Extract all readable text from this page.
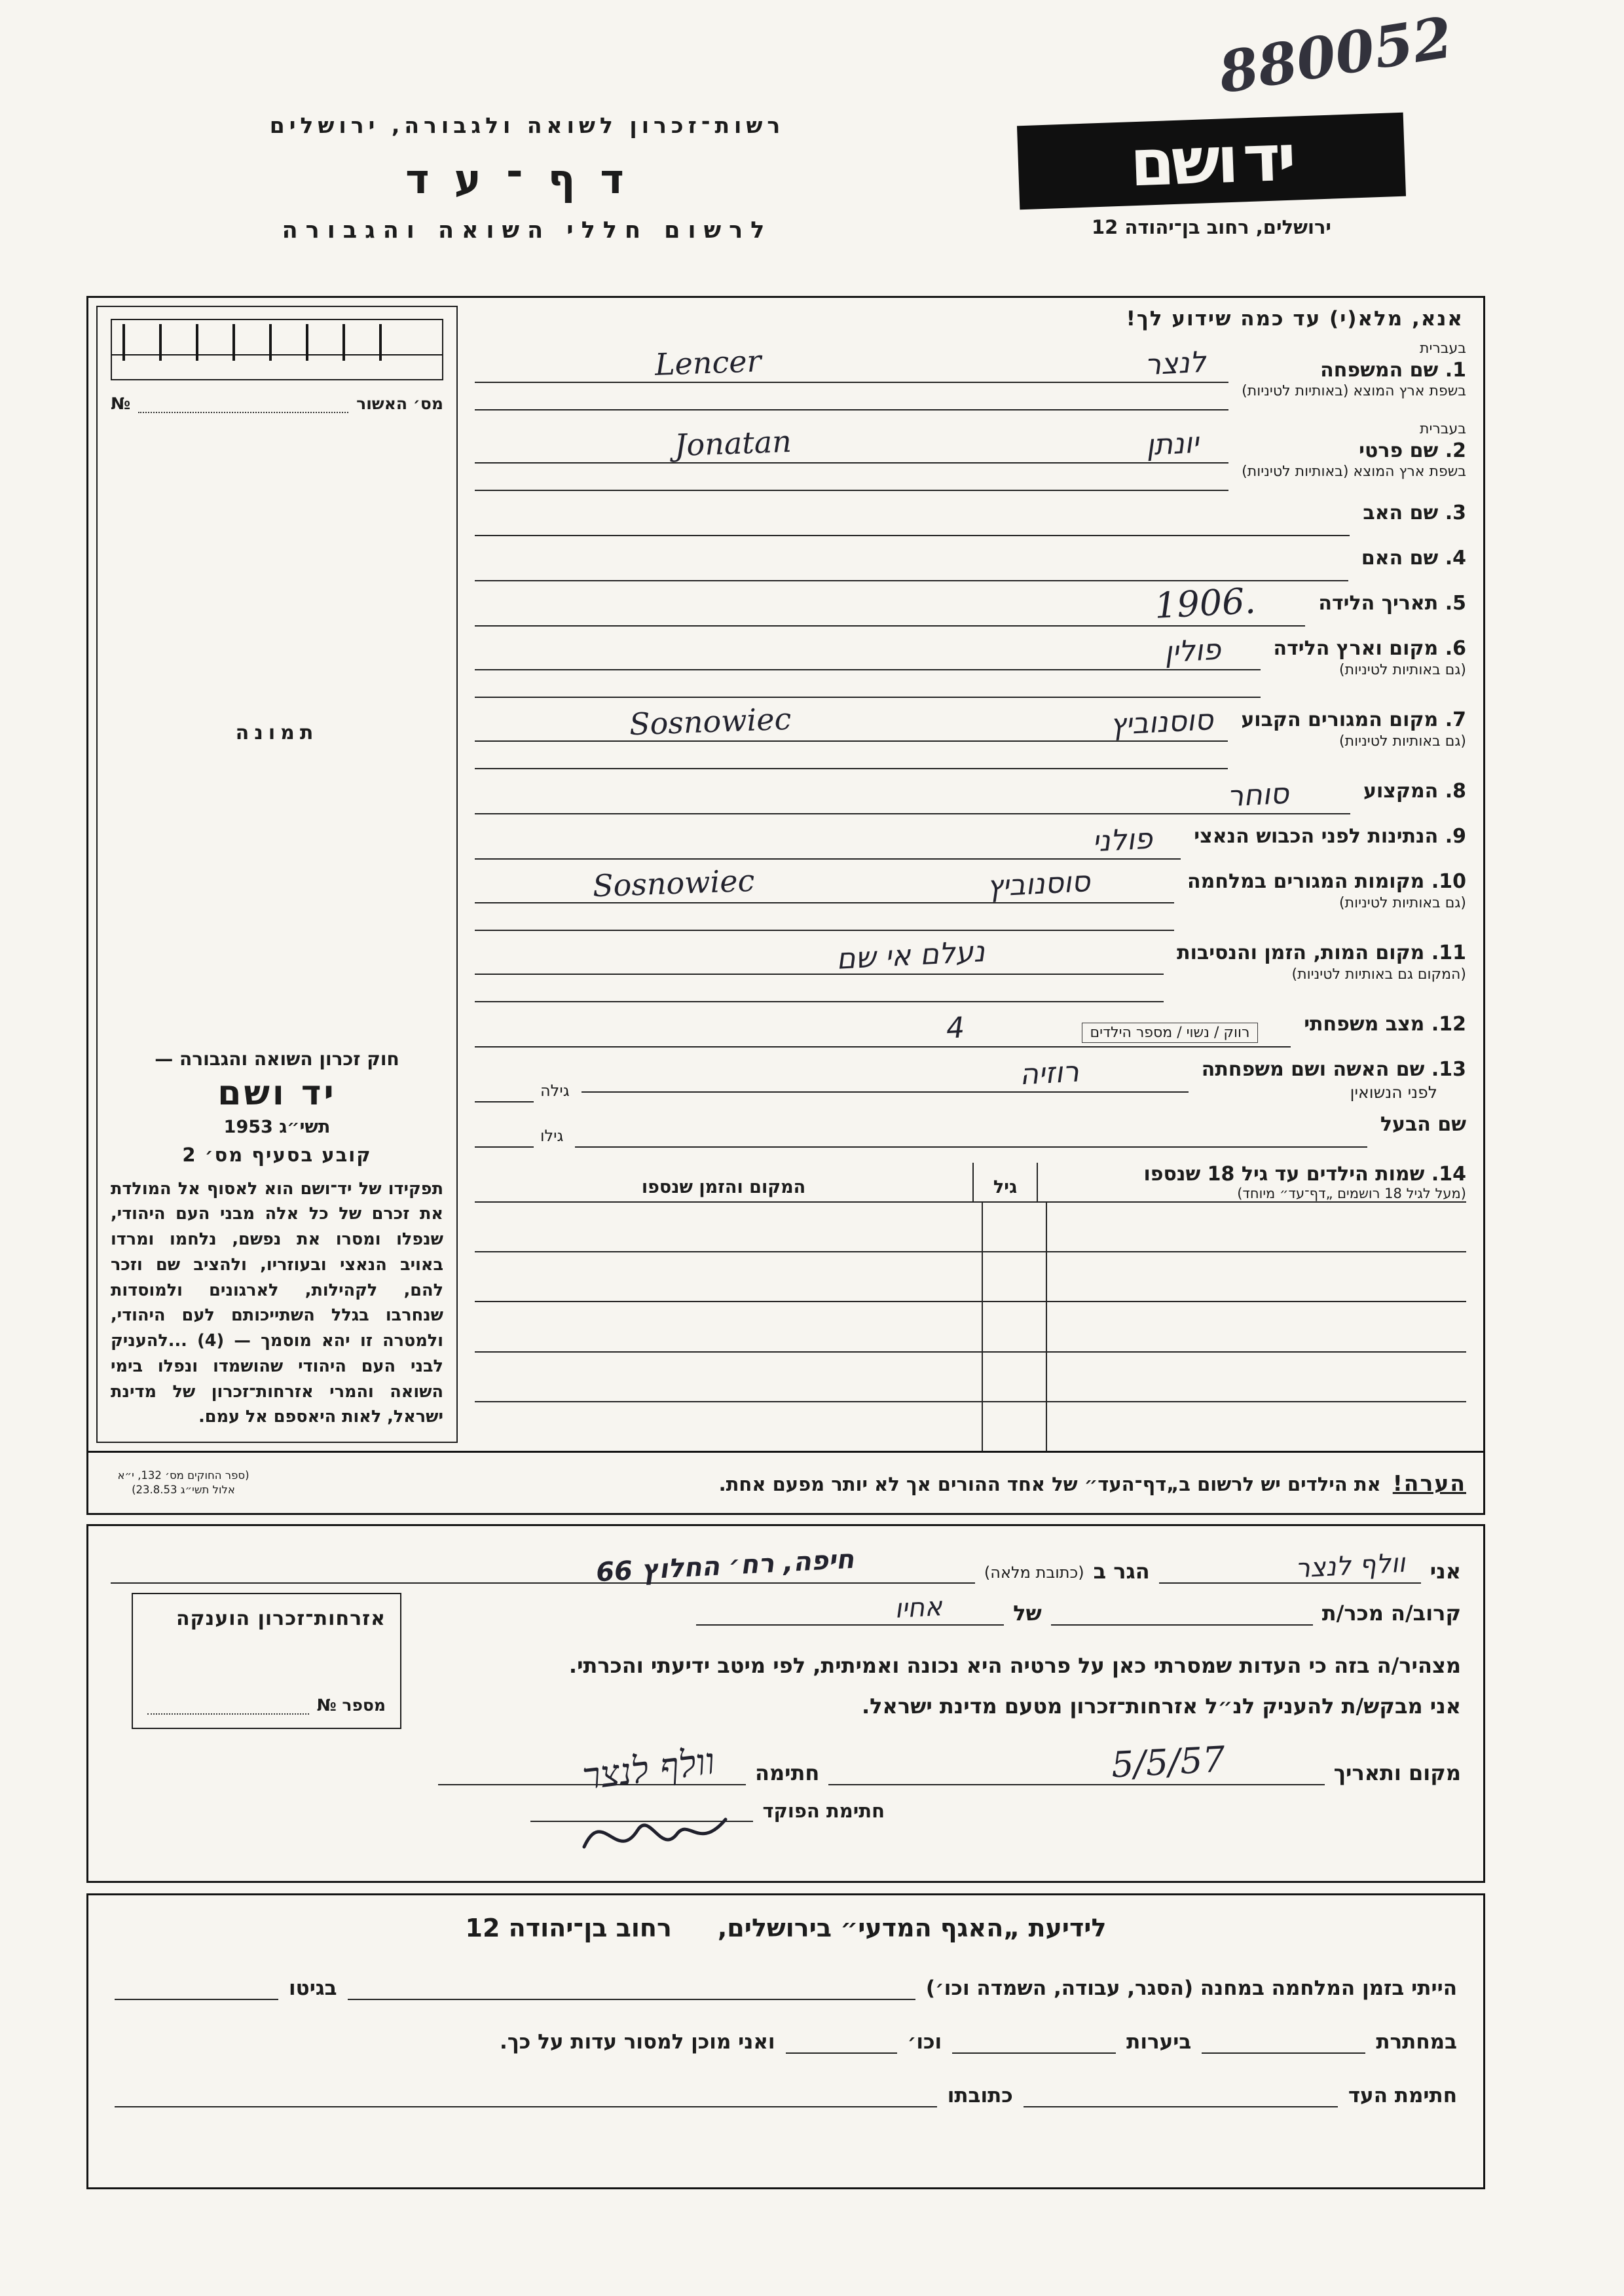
880052
רשות־זכרון לשואה ולגבורה, ירושלים
דף־עד
לרשום חללי השואה והגבורה
יד ושם
ירושלים, רחוב בן־יהודה 12
אנא, מלא(י) עד כמה שידוע לך!
בעברית
1. שם המשפחה
בשפת ארץ המוצא (באותיות לטיניות)
לנצר
Lencer
בעברית
2. שם פרטי
בשפת ארץ המוצא (באותיות לטיניות)
יונתן
Jonatan
3. שם האב
4. שם האם
5. תאריך הלידה
1906.
6. מקום וארץ הלידה
(גם באותיות לטיניות)
פולין
7. מקום המגורים הקבוע
(גם באותיות לטיניות)
סוסנוביץ
Sosnowiec
8. המקצוע
סוחר
9. הנתינות לפני הכבוש הנאצי
פולני
10. מקומות המגורים במלחמה
(גם באותיות לטיניות)
סוסנוביץ
Sosnowiec
11. מקום המות, הזמן והנסיבות
(המקום גם באותיות לטיניות)
נעלם אי שם
12. מצב משפחתי
רווק / נשוי / מספר הילדים
4
13. שם האשה ושם משפחתה
לפני הנשואין
רוזיה
גילה
שם הבעל
גילו
14. שמות הילדים עד גיל 18 שנספו
(מעל לגיל 18 רושמים „דף־עד״ מיוחד)
גיל
המקום והזמן שנספו
מס׳ האשור
№
תמונה
חוק זכרון השואה והגבורה —
יד ושם
תשי״ג 1953
קובע בסעיף מס׳ 2
תפקידו של יד־ושם הוא לאסוף אל המולדת את זכרם של כל אלה מבני העם היהודי, שנפלו ומסרו את נפשם, נלחמו ומרדו באויב הנאצי ובעוזריו, ולהציב שם וזכר להם, לקהילות, לארגונים ולמוסדות שנחרבו בגלל השתייכותם לעם היהודי, ולמטרה זו יהא מוסמך — (4) ...להעניק לבני העם היהודי שהושמדו ונפלו בימי השואה והמרי אזרחות־זכרון של מדינת ישראל, לאות היאספם אל עמם.
הערה!
את הילדים יש לרשום ב„דף־העד״ של אחד ההורים אך לא יותר מפעם אחת.
(ספר החוקים מס׳ 132, י״א אלול תשי״ג 23.8.53)
אני
וולף לנצר
הגר ב
(כתובת מלאה)
חיפה, רח׳ החלוץ 66
קרוב/ה מכר/ת
של
אחיו
מצהיר/ה בזה כי העדות שמסרתי כאן על פרטיה היא נכונה ואמיתית, לפי מיטב ידיעתי והכרתי.
אני מבקש/ת להעניק לנ״ל אזרחות־זכרון מטעם מדינת ישראל.
מקום ותאריך
5/5/57
חתימה
וולף לנצר
חתימת הפוקד
אזרחות־זכרון הוענקה
מספר №
לידיעת „האגף המדעי״ בירושלים,
רחוב בן־יהודה 12
הייתי בזמן המלחמה במחנה (הסגר, עבודה, השמדה וכו׳)
בגיטו
במחתרת
ביערות
וכו׳
ואני מוכן למסור עדות על כך.
חתימת העד
כתובתו
